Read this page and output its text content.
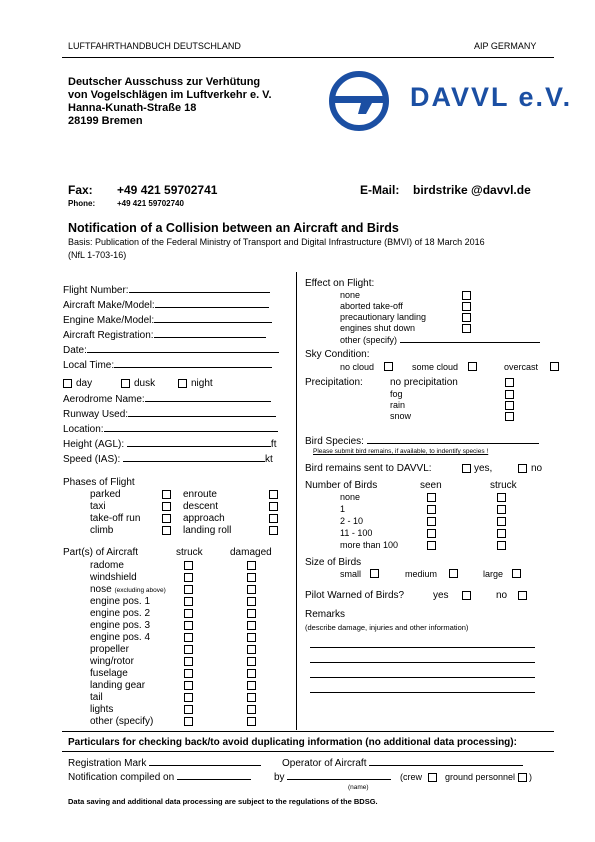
LUFTFAHRTHANDBUCH DEUTSCHLAND	AIP GERMANY
Deutscher Ausschuss zur Verhütung
von Vogelschlägen im Luftverkehr e. V.
Hanna-Kunath-Straße 18
28199 Bremen
DAVVL e.V.
Fax: +49 421 59702741
Phone:	+49 421 59702740
E-Mail: birdstrike @davvl.de
Notification of a Collision between an Aircraft and Birds
Basis: Publication of the Federal Ministry of Transport and Digital Infrastructure (BMVI) of 18 March 2016
(NfL 1-703-16)
Flight Number:
Aircraft Make/Model:
Engine Make/Model:
Aircraft Registration:
Date:
Local Time:
day	dusk	night
Aerodrome Name:
Runway Used:
Location:
Height (AGL):	ft
Speed (IAS):	kt
Phases of Flight
parked
taxi
take-off run
climb
enroute
descent
approach
landing roll
Part(s) of Aircraft	struck	damaged
radome
windshield
nose (excluding above)
engine pos. 1
engine pos. 2
engine pos. 3
engine pos. 4
propeller
wing/rotor
fuselage
landing gear
tail
lights
other (specify)
Effect on Flight:
none
aborted take-off
precautionary landing
engines shut down
other (specify)
Sky Condition:
no cloud	some cloud	overcast
Precipitation:	no precipitation
fog
rain
snow
Bird Species:
Please submit bird remains, if available, to indentify species !
Bird remains sent to DAVVL:	yes,	no
Number of Birds	seen	struck
none
1
2 - 10
11 - 100
more than 100
Size of Birds
small	medium	large
Pilot Warned of Birds?	yes	no
Remarks
(describe damage, injuries and other information)
Particulars for checking back/to avoid duplicating information (no additional data processing):
Registration Mark	Operator of Aircraft
Notification compiled on	by
(name)
(crew	ground personnel )
Data saving and additional data processing are subject to the regulations of the BDSG.
